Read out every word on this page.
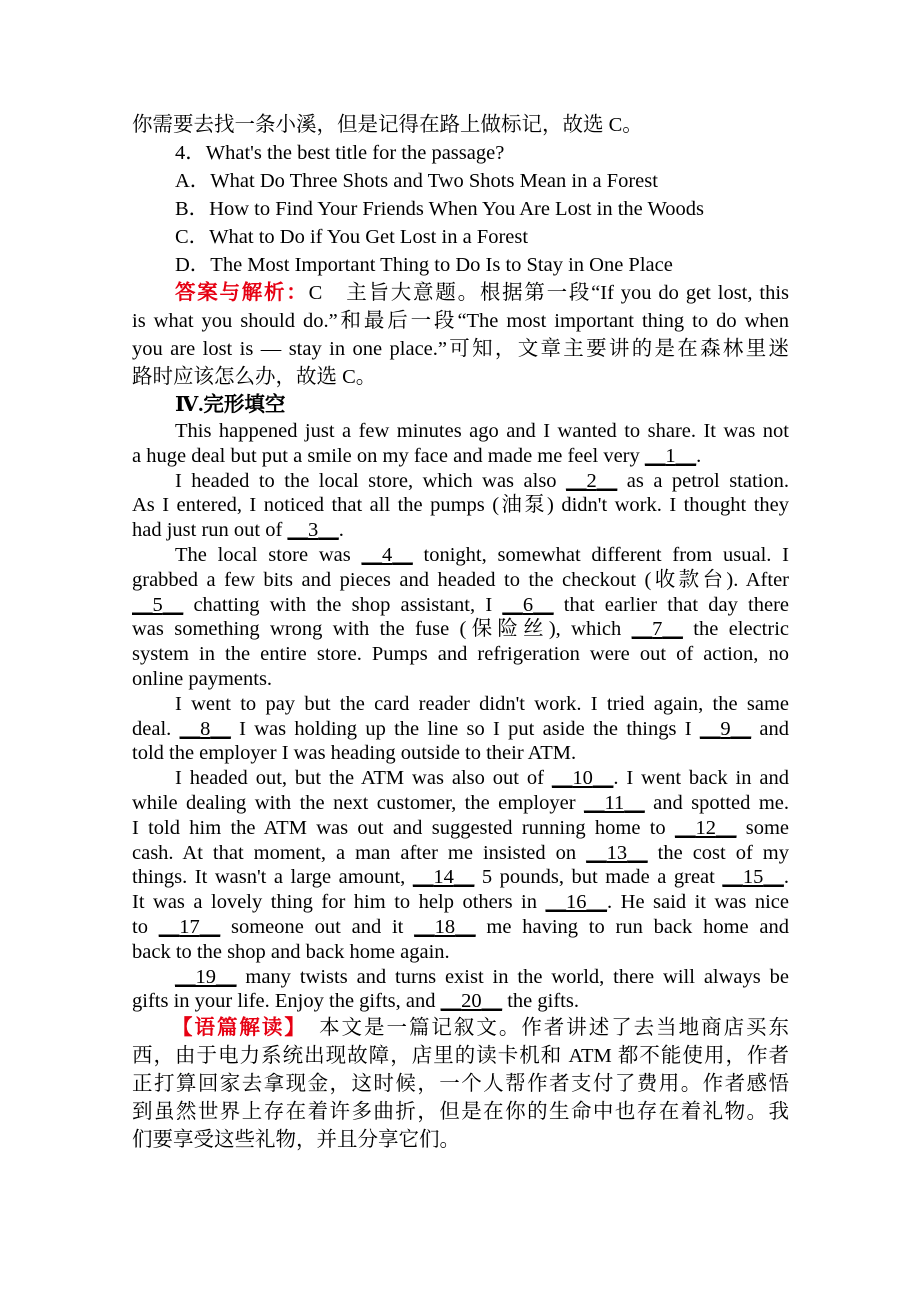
你需要去找一条小溪，但是记得在路上做标记，故选 C。
4．What's the best title for the passage?
A．What Do Three Shots and Two Shots Mean in a Forest
B．How to Find Your Friends When You Are Lost in the Woods
C．What to Do if You Get Lost in a Forest
D．The Most Important Thing to Do Is to Stay in One Place
答案与解析：C　主旨大意题。根据第一段“If you do get lost, this
is what you should do.”和最后一段“The most important thing to do when
you are lost is — stay in one place.”可知，文章主要讲的是在森林里迷
路时应该怎么办，故选 C。
Ⅳ.完形填空
This happened just a few minutes ago and I wanted to share. It was not
a huge deal but put a smile on my face and made me feel very __1__.
I headed to the local store, which was also __2__ as a petrol station.
As I entered, I noticed that all the pumps (油泵) didn't work. I thought they
had just run out of __3__.
The local store was __4__ tonight, somewhat different from usual. I
grabbed a few bits and pieces and headed to the checkout (收款台). After
__5__ chatting with the shop assistant, I __6__ that earlier that day there
was something wrong with the fuse (保险丝), which __7__ the electric
system in the entire store. Pumps and refrigeration were out of action, no
online payments.
I went to pay but the card reader didn't work. I tried again, the same
deal. __8__ I was holding up the line so I put aside the things I __9__ and
told the employer I was heading outside to their ATM.
I headed out, but the ATM was also out of __10__. I went back in and
while dealing with the next customer, the employer __11__ and spotted me.
I told him the ATM was out and suggested running home to __12__ some
cash. At that moment, a man after me insisted on __13__ the cost of my
things. It wasn't a large amount, __14__ 5 pounds, but made a great __15__.
It was a lovely thing for him to help others in __16__. He said it was nice
to __17__ someone out and it __18__ me having to run back home and
back to the shop and back home again.
__19__ many twists and turns exist in the world, there will always be
gifts in your life. Enjoy the gifts, and __20__ the gifts.
【语篇解读】　本文是一篇记叙文。作者讲述了去当地商店买东
西，由于电力系统出现故障，店里的读卡机和 ATM 都不能使用，作者
正打算回家去拿现金，这时候，一个人帮作者支付了费用。作者感悟
到虽然世界上存在着许多曲折，但是在你的生命中也存在着礼物。我
们要享受这些礼物，并且分享它们。
